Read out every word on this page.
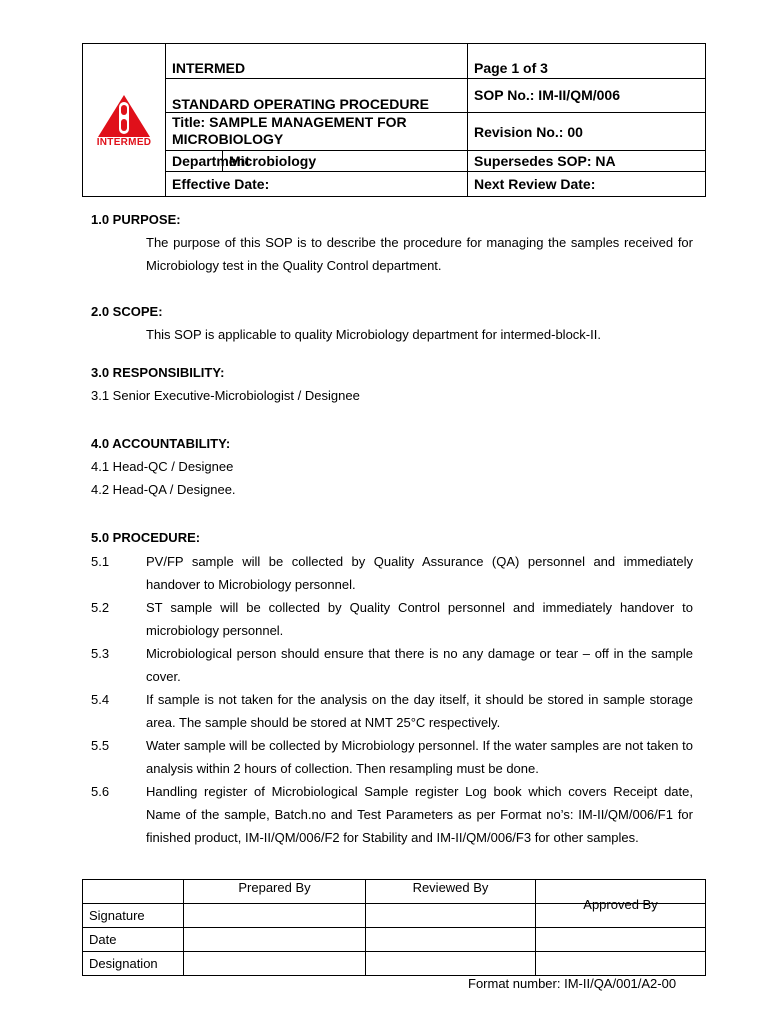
INTERMED	INTERMED		Page 1 of 3
	STANDARD OPERATING PROCEDURE		SOP No.: IM-II/QM/006
	Title: SAMPLE MANAGEMENT FOR MICROBIOLOGY		Revision No.: 00
	Department	Microbiology	Supersedes SOP: NA
	Effective Date:		Next Review Date:
1.0 PURPOSE:
The purpose of this SOP is to describe the procedure for managing the samples received for Microbiology test in the Quality Control department.
2.0 SCOPE:
This SOP is applicable to quality Microbiology department for intermed-block-II.
3.0 RESPONSIBILITY:
3.1 Senior Executive-Microbiologist / Designee
4.0 ACCOUNTABILITY:
4.1 Head-QC / Designee
4.2 Head-QA / Designee.
5.0 PROCEDURE:
5.1	PV/FP sample will be collected by Quality Assurance (QA) personnel and immediately handover to Microbiology personnel.
5.2	ST sample will be collected by Quality Control personnel and immediately handover to microbiology personnel.
5.3	Microbiological person should ensure that there is no any damage or tear – off in the sample cover.
5.4	If sample is not taken for the analysis on the day itself, it should be stored in sample storage area. The sample should be stored at NMT 25°C respectively.
5.5	Water sample will be collected by Microbiology personnel. If the water samples are not taken to analysis within 2 hours of collection. Then resampling must be done.
5.6	Handling register of Microbiological Sample register Log book which covers Receipt date, Name of the sample, Batch.no and Test Parameters as per Format no’s: IM-II/QM/006/F1 for finished product, IM-II/QM/006/F2 for Stability and IM-II/QM/006/F3 for other samples.
	Prepared By	Reviewed By	Approved By
Signature			
Date			
Designation			
Format number: IM-II/QA/001/A2-00
